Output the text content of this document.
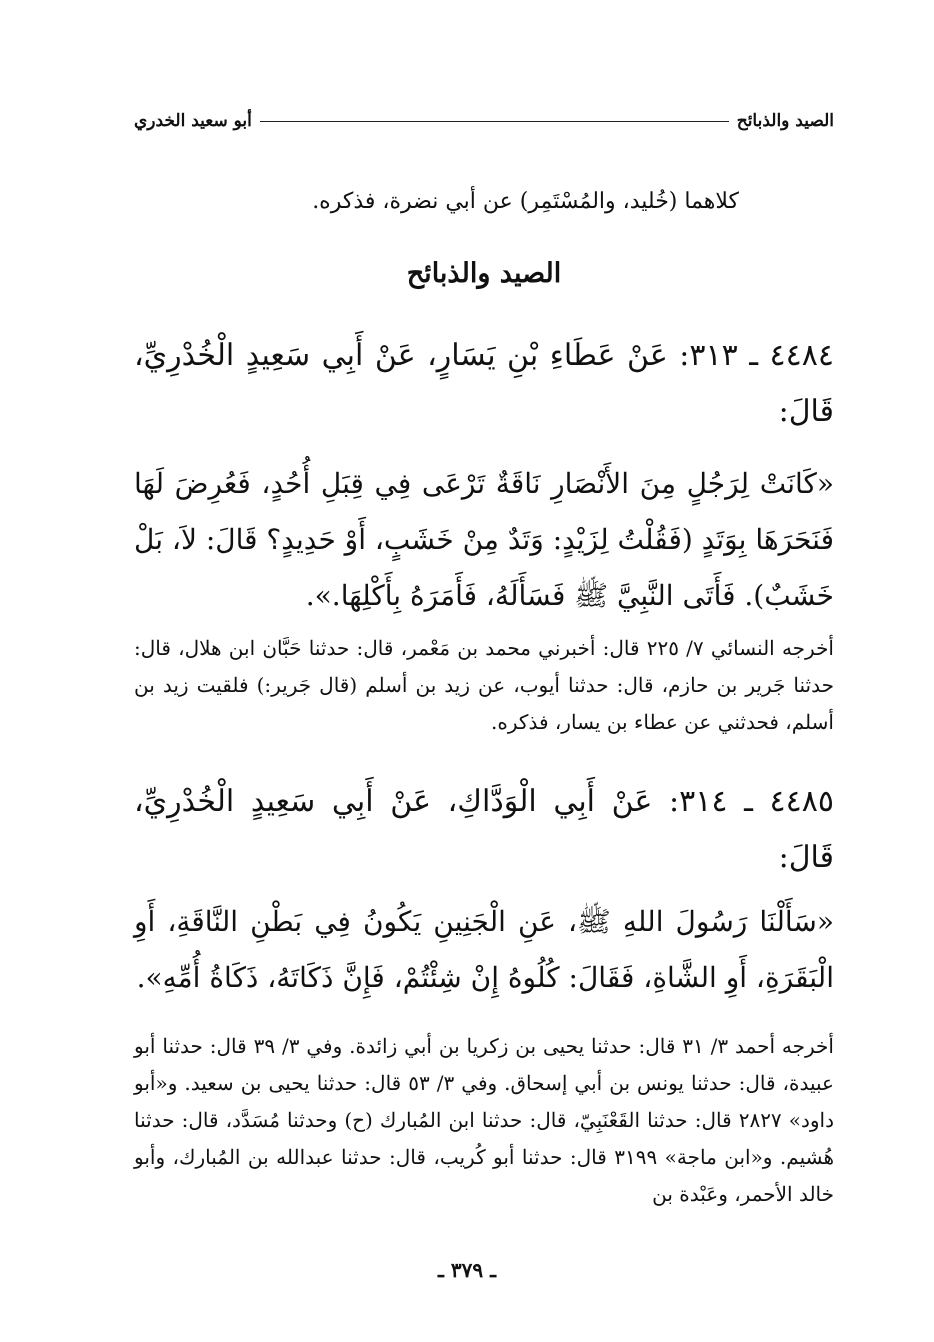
الصيد والذبائح
أبو سعيد الخدري
كلاهما (خُليد، والمُسْتَمِر) عن أبي نضرة، فذكره.
الصيد والذبائح
٤٤٨٤ ـ ٣١٣: عَنْ عَطَاءِ بْنِ يَسَارٍ، عَنْ أَبِي سَعِيدٍ الْخُدْرِيِّ، قَالَ:
«كَانَتْ لِرَجُلٍ مِنَ الأَنْصَارِ نَاقَةٌ تَرْعَى فِي قِبَلِ أُحُدٍ، فَعُرِضَ لَهَا فَنَحَرَهَا بِوَتَدٍ (فَقُلْتُ لِزَيْدٍ: وَتَدٌ مِنْ خَشَبٍ، أَوْ حَدِيدٍ؟ قَالَ: لاَ، بَلْ خَشَبٌ). فَأَتَى النَّبِيَّ ﷺ فَسَأَلَهُ، فَأَمَرَهُ بِأَكْلِهَا.».
أخرجه النسائي ٧/ ٢٢٥ قال: أخبرني محمد بن مَعْمر، قال: حدثنا حَبَّان ابن هلال، قال: حدثنا جَرير بن حازم، قال: حدثنا أيوب، عن زيد بن أسلم (قال جَرير:) فلقيت زيد بن أسلم، فحدثني عن عطاء بن يسار، فذكره.
٤٤٨٥ ـ ٣١٤: عَنْ أَبِي الْوَدَّاكِ، عَنْ أَبِي سَعِيدٍ الْخُدْرِيِّ، قَالَ:
«سَأَلْنَا رَسُولَ اللهِ ﷺ، عَنِ الْجَنِينِ يَكُونُ فِي بَطْنِ النَّاقَةِ، أَوِ الْبَقَرَةِ، أَوِ الشَّاةِ، فَقَالَ: كُلُوهُ إِنْ شِئْتُمْ، فَإِنَّ ذَكَاتَهُ، ذَكَاةُ أُمِّهِ».
أخرجه أحمد ٣/ ٣١ قال: حدثنا يحيى بن زكريا بن أبي زائدة. وفي ٣/ ٣٩ قال: حدثنا أبو عبيدة، قال: حدثنا يونس بن أبي إسحاق. وفي ٣/ ٥٣ قال: حدثنا يحيى بن سعيد. و«أبو داود» ٢٨٢٧ قال: حدثنا القَعْنَبِيّ، قال: حدثنا ابن المُبارك (ح) وحدثنا مُسَدَّد، قال: حدثنا هُشيم. و«ابن ماجة» ٣١٩٩ قال: حدثنا أبو كُريب، قال: حدثنا عبدالله بن المُبارك، وأبو خالد الأحمر، وعَبْدة بن
ـ ٣٧٩ ـ
